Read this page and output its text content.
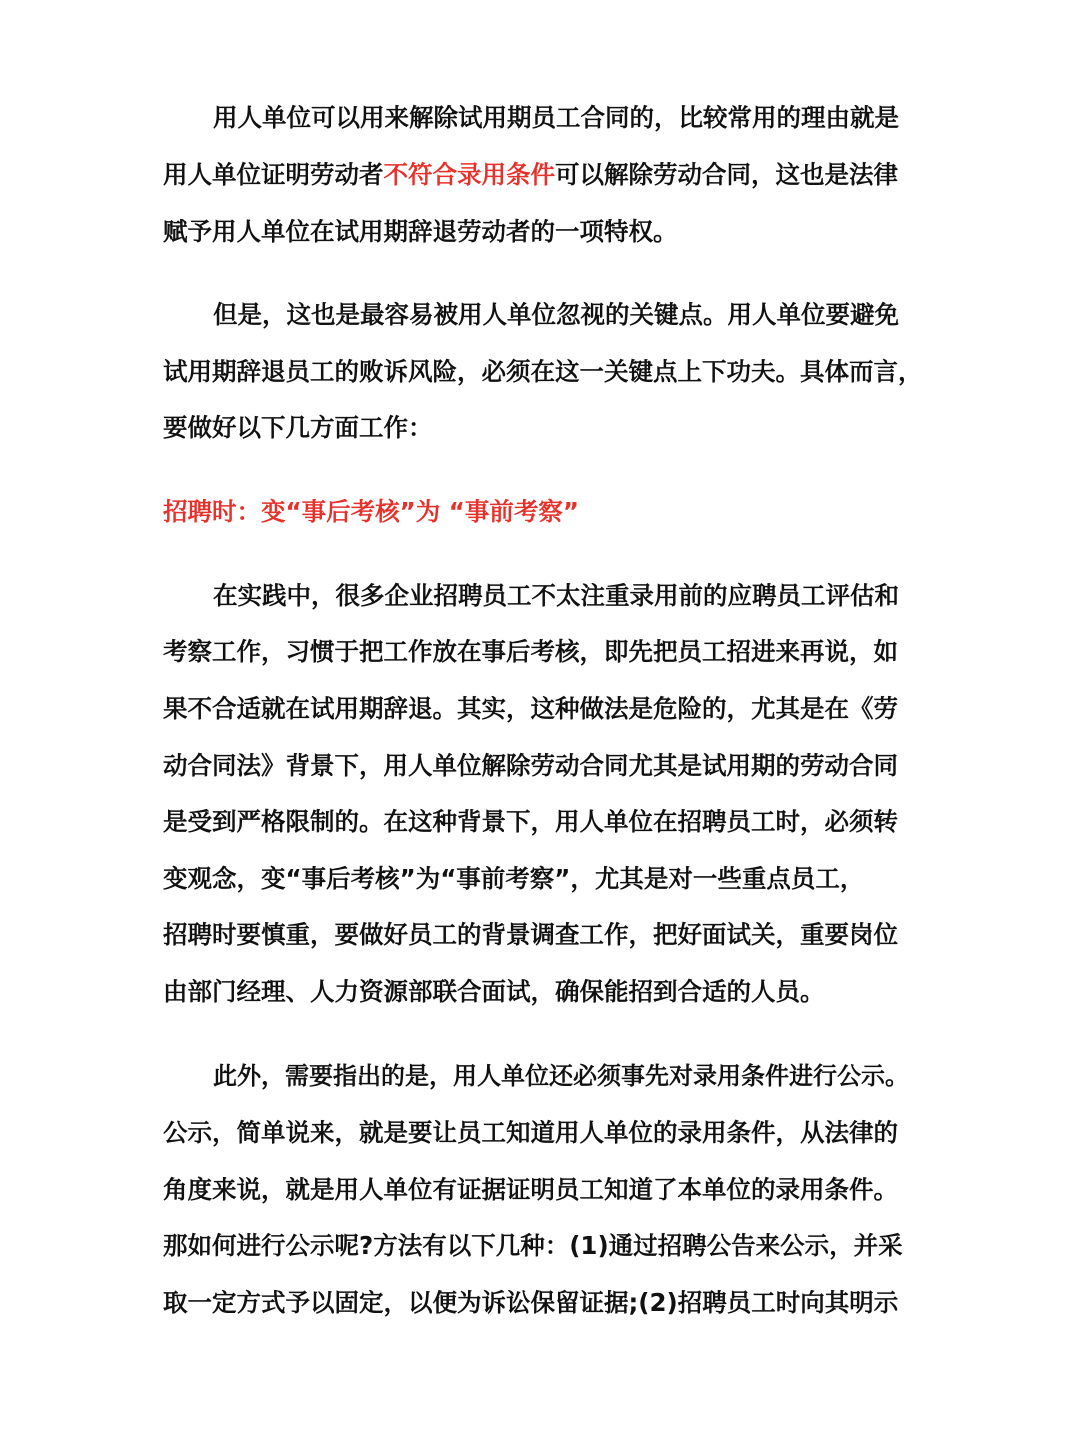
用人单位可以用来解除试用期员工合同的，比较常用的理由就是
用人单位证明劳动者不符合录用条件可以解除劳动合同，这也是法律
赋予用人单位在试用期辞退劳动者的一项特权。
但是，这也是最容易被用人单位忽视的关键点。用人单位要避免
试用期辞退员工的败诉风险，必须在这一关键点上下功夫。具体而言，
要做好以下几方面工作：
招聘时：变“事后考核”为 “事前考察”
在实践中，很多企业招聘员工不太注重录用前的应聘员工评估和
考察工作，习惯于把工作放在事后考核，即先把员工招进来再说，如
果不合适就在试用期辞退。其实，这种做法是危险的，尤其是在《劳
动合同法》背景下，用人单位解除劳动合同尤其是试用期的劳动合同
是受到严格限制的。在这种背景下，用人单位在招聘员工时，必须转
变观念，变“事后考核”为“事前考察”，尤其是对一些重点员工，
招聘时要慎重，要做好员工的背景调查工作，把好面试关，重要岗位
由部门经理、人力资源部联合面试，确保能招到合适的人员。
此外，需要指出的是，用人单位还必须事先对录用条件进行公示。
公示，简单说来，就是要让员工知道用人单位的录用条件，从法律的
角度来说，就是用人单位有证据证明员工知道了本单位的录用条件。
那如何进行公示呢?方法有以下几种：(1)通过招聘公告来公示，并采
取一定方式予以固定，以便为诉讼保留证据;(2)招聘员工时向其明示
